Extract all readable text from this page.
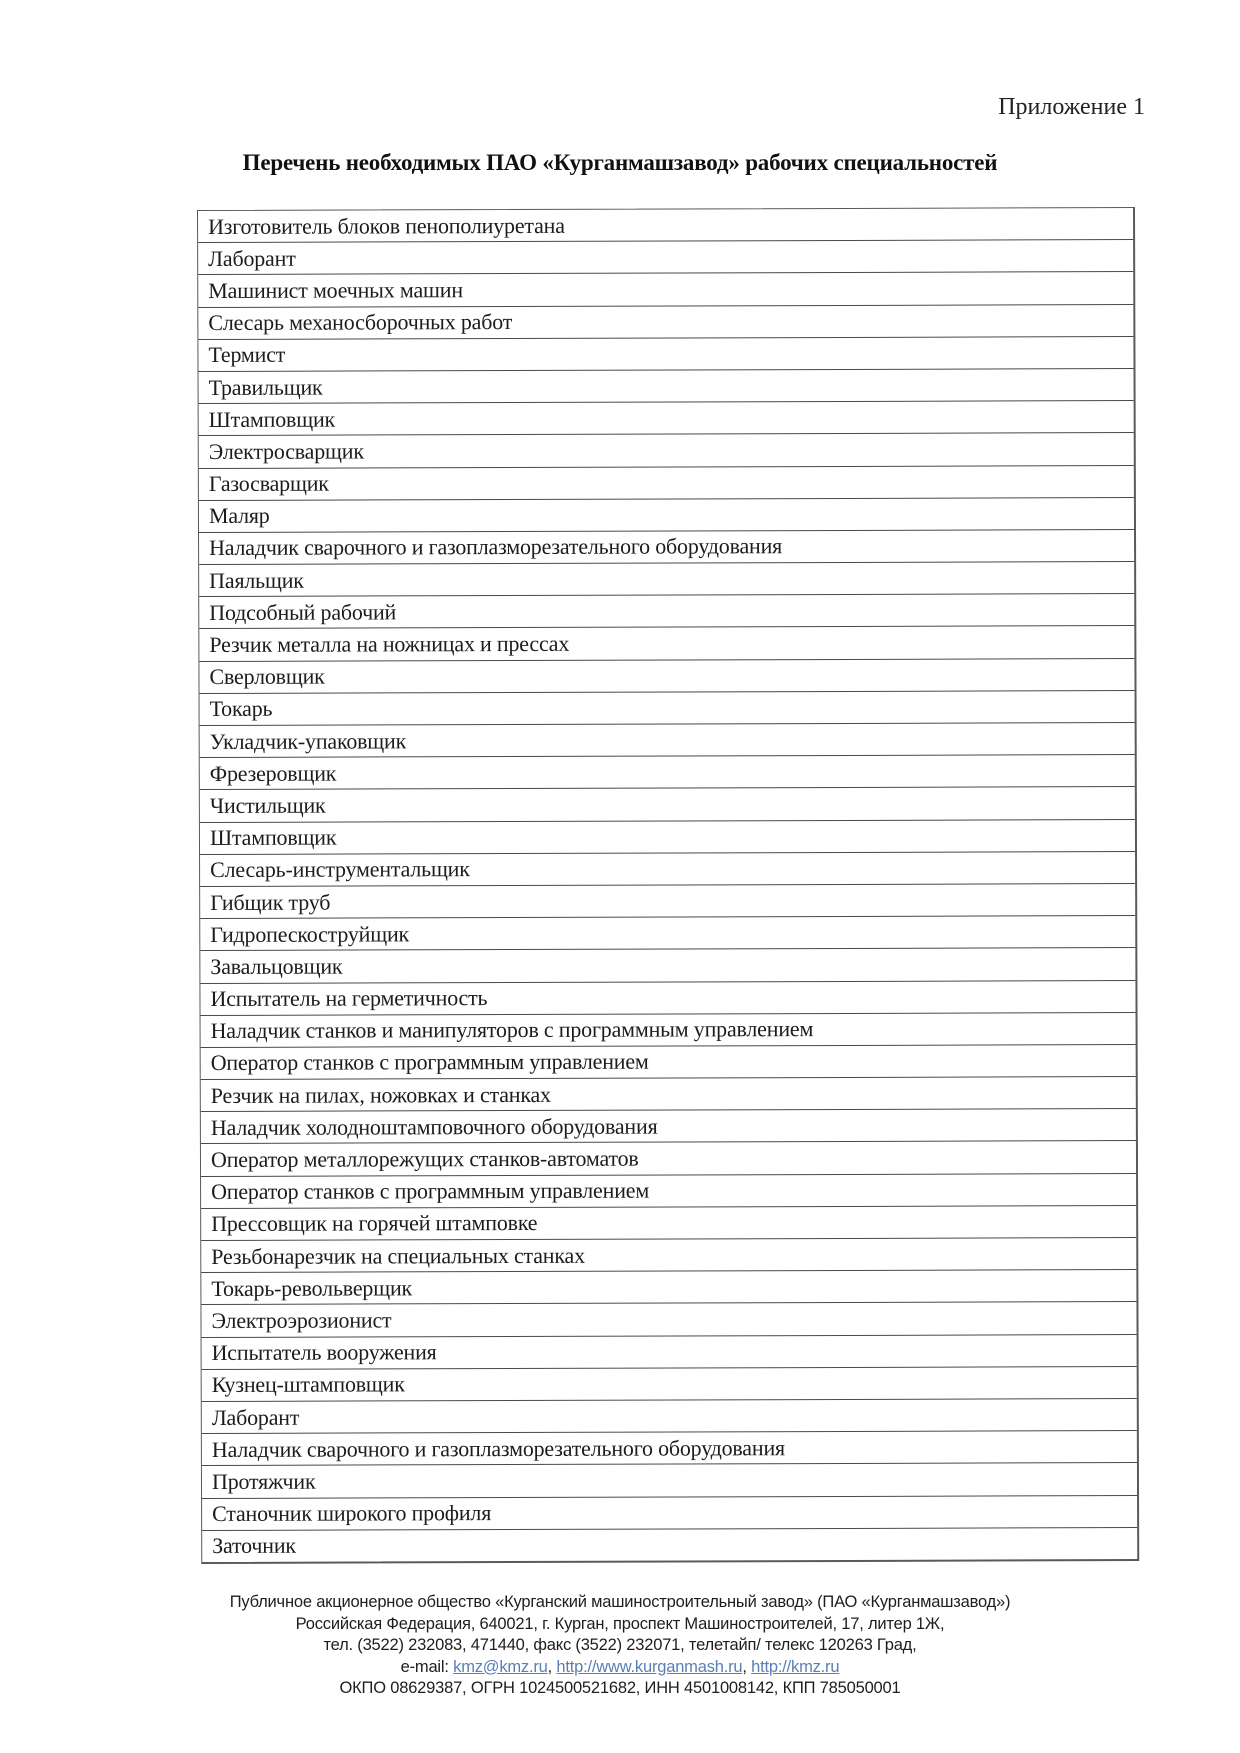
Приложение 1
Перечень необходимых ПАО «Курганмашзавод» рабочих специальностей
Изготовитель блоков пенополиуретана
Лаборант
Машинист моечных машин
Слесарь механосборочных работ
Термист
Травильщик
Штамповщик
Электросварщик
Газосварщик
Маляр
Наладчик сварочного и газоплазморезательного оборудования
Паяльщик
Подсобный рабочий
Резчик металла на ножницах и прессах
Сверловщик
Токарь
Укладчик-упаковщик
Фрезеровщик
Чистильщик
Штамповщик
Слесарь-инструментальщик
Гибщик труб
Гидропескоструйщик
Завальцовщик
Испытатель на герметичность
Наладчик станков и манипуляторов с программным управлением
Оператор станков с программным управлением
Резчик на пилах, ножовках и станках
Наладчик холодноштамповочного оборудования
Оператор металлорежущих станков-автоматов
Оператор станков с программным управлением
Прессовщик на горячей штамповке
Резьбонарезчик на специальных станках
Токарь-револьверщик
Электроэрозионист
Испытатель вооружения
Кузнец-штамповщик
Лаборант
Наладчик сварочного и газоплазморезательного оборудования
Протяжчик
Станочник широкого профиля
Заточник
Публичное акционерное общество «Курганский машиностроительный завод» (ПАО «Курганмашзавод»)
Российская Федерация, 640021, г. Курган, проспект Машиностроителей, 17, литер 1Ж,
тел. (3522) 232083, 471440, факс (3522) 232071, телетайп/ телекс 120263 Град,
e-mail: kmz@kmz.ru, http://www.kurganmash.ru, http://kmz.ru
ОКПО 08629387, ОГРН 1024500521682, ИНН 4501008142, КПП 785050001
